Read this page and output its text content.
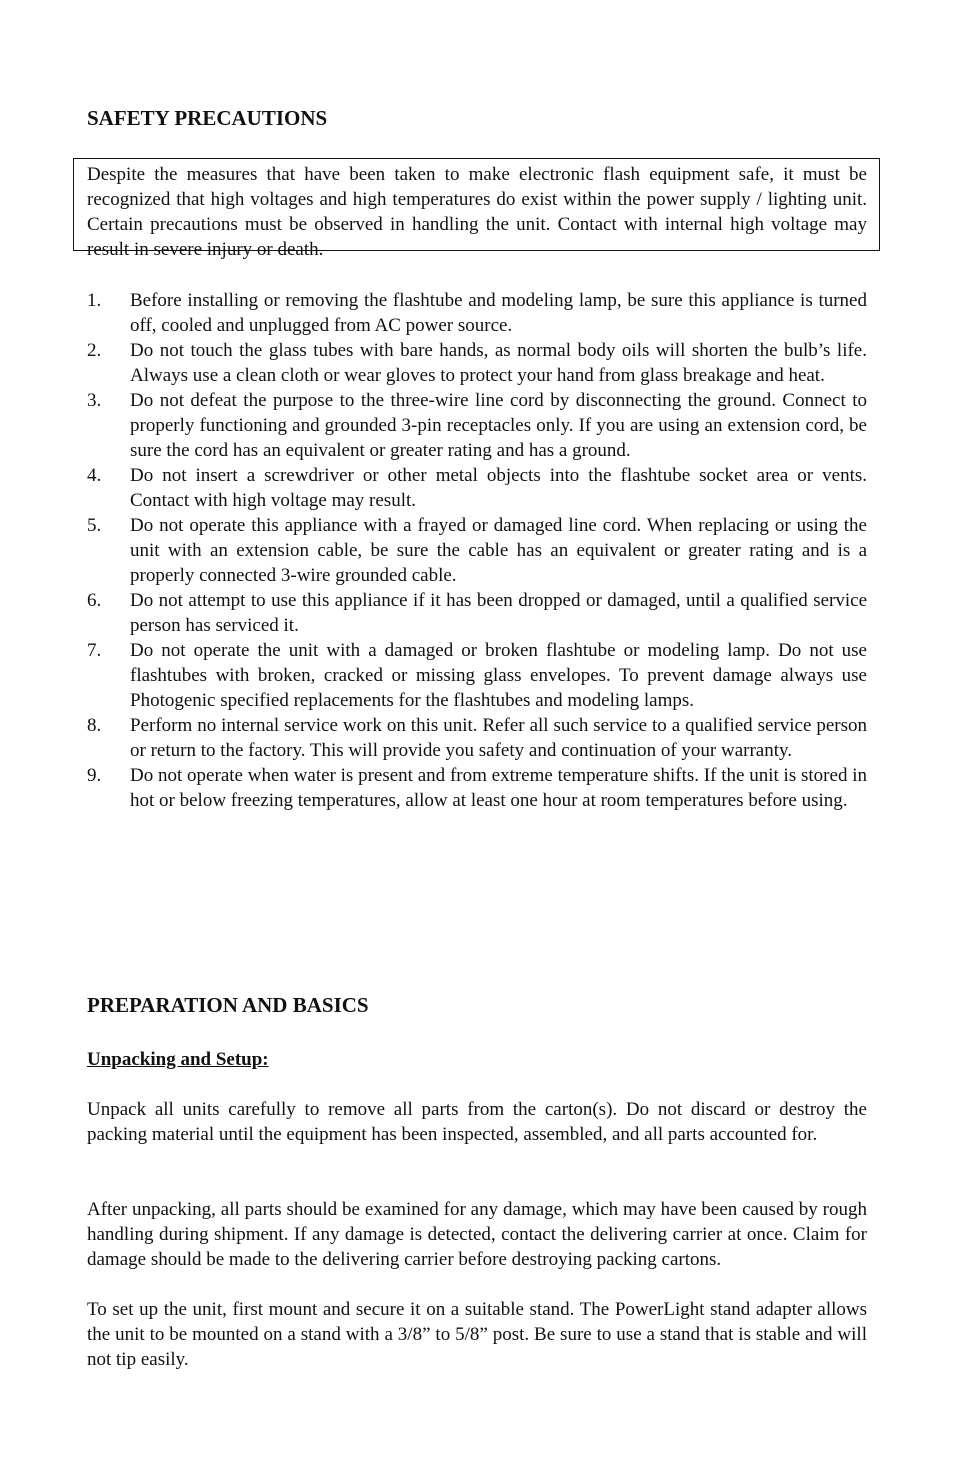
SAFETY PRECAUTIONS
Despite the measures that have been taken to make electronic flash equipment safe, it must be recognized that high voltages and high temperatures do exist within the power supply / lighting unit. Certain precautions must be observed in handling the unit. Contact with internal high voltage may result in severe injury or death.
1. Before installing or removing the flashtube and modeling lamp, be sure this appliance is turned off, cooled and unplugged from AC power source.
2. Do not touch the glass tubes with bare hands, as normal body oils will shorten the bulb’s life. Always use a clean cloth or wear gloves to protect your hand from glass breakage and heat.
3. Do not defeat the purpose to the three-wire line cord by disconnecting the ground. Connect to properly functioning and grounded 3-pin receptacles only. If you are using an extension cord, be sure the cord has an equivalent or greater rating and has a ground.
4. Do not insert a screwdriver or other metal objects into the flashtube socket area or vents. Contact with high voltage may result.
5. Do not operate this appliance with a frayed or damaged line cord. When replacing or using the unit with an extension cable, be sure the cable has an equivalent or greater rating and is a properly connected 3-wire grounded cable.
6. Do not attempt to use this appliance if it has been dropped or damaged, until a qualified service person has serviced it.
7. Do not operate the unit with a damaged or broken flashtube or modeling lamp. Do not use flashtubes with broken, cracked or missing glass envelopes. To prevent damage always use Photogenic specified replacements for the flashtubes and modeling lamps.
8. Perform no internal service work on this unit. Refer all such service to a qualified service person or return to the factory. This will provide you safety and continuation of your warranty.
9. Do not operate when water is present and from extreme temperature shifts. If the unit is stored in hot or below freezing temperatures, allow at least one hour at room temperatures before using.
PREPARATION AND BASICS
Unpacking and Setup:

Unpack all units carefully to remove all parts from the carton(s). Do not discard or destroy the packing material until the equipment has been inspected, assembled, and all parts accounted for.

After unpacking, all parts should be examined for any damage, which may have been caused by rough handling during shipment. If any damage is detected, contact the delivering carrier at once. Claim for damage should be made to the delivering carrier before destroying packing cartons.

To set up the unit, first mount and secure it on a suitable stand. The PowerLight stand adapter allows the unit to be mounted on a stand with a 3/8” to 5/8” post. Be sure to use a stand that is stable and will not tip easily.
